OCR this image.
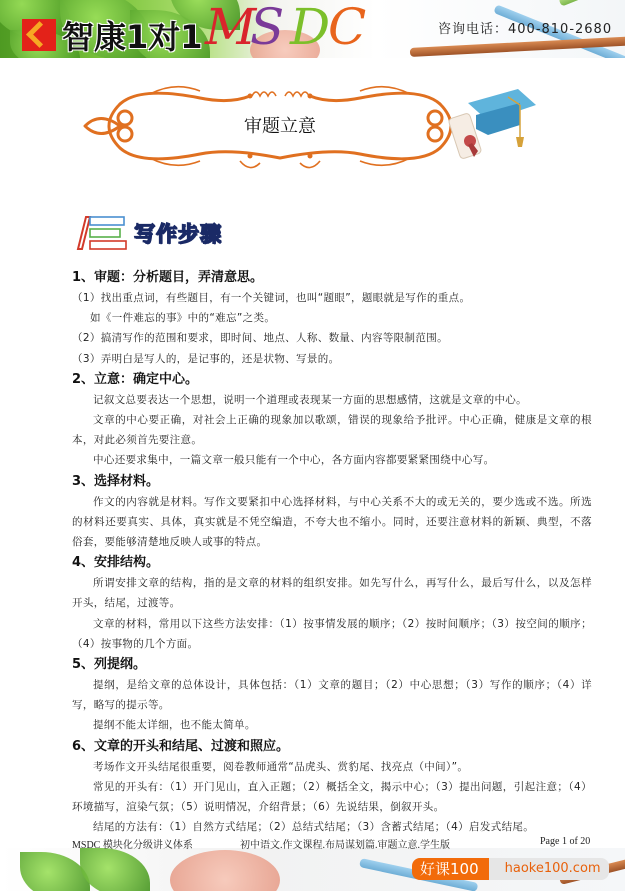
智康1对1 M
S D
C	咨询电话：400-810-2680
审题立意
写作步骤
1、审题：分析题目，弄清意思。
（1）找出重点词，有些题目，有一个关键词，也叫“题眼”，题眼就是写作的重点。
如《一件难忘的事》中的“难忘”之类。
（2）搞清写作的范围和要求，即时间、地点、人称、数量、内容等限制范围。
（3）弄明白是写人的，是记事的，还是状物、写景的。
2、立意：确定中心。
记叙文总要表达一个思想，说明一个道理或表现某一方面的思想感情，这就是文章的中心。
文章的中心要正确，对社会上正确的现象加以歌颂，错误的现象给予批评。中心正确，健康是文章的根本，对此必须首先要注意。
中心还要求集中，一篇文章一般只能有一个中心，各方面内容都要紧紧围绕中心写。
3、选择材料。
作文的内容就是材料。写作文要紧扣中心选择材料，与中心关系不大的或无关的，要少选或不选。所选的材料还要真实、具体，真实就是不凭空编造，不夸大也不缩小。同时，还要注意材料的新颖、典型，不落俗套，要能够清楚地反映人或事的特点。
4、安排结构。
所谓安排文章的结构，指的是文章的材料的组织安排。如先写什么，再写什么，最后写什么，以及怎样开头，结尾，过渡等。
文章的材料，常用以下这些方法安排：（1）按事情发展的顺序；（2）按时间顺序；（3）按空间的顺序；（4）按事物的几个方面。
5、列提纲。
提纲，是给文章的总体设计，具体包括：（1）文章的题目；（2）中心思想；（3）写作的顺序；（4）详写，略写的提示等。
提纲不能太详细，也不能太简单。
6、文章的开头和结尾、过渡和照应。
考场作文开头结尾很重要，阅卷教师通常“品虎头、赏豹尾、找亮点（中间）”。
常见的开头有：（1）开门见山，直入正题；（2）概括全文，揭示中心；（3）提出问题，引起注意；（4）环境描写，渲染气氛；（5）说明情况，介绍背景；（6）先说结果，倒叙开头。
结尾的方法有：（1）自然方式结尾；（2）总结式结尾；（3）含蓄式结尾；（4）启发式结尾。
MSDC 模块化分级讲义体系	初中语文.作文课程.布局谋划篇.审题立意.学生版	Page 1 of 20
好课100	haoke100.com
